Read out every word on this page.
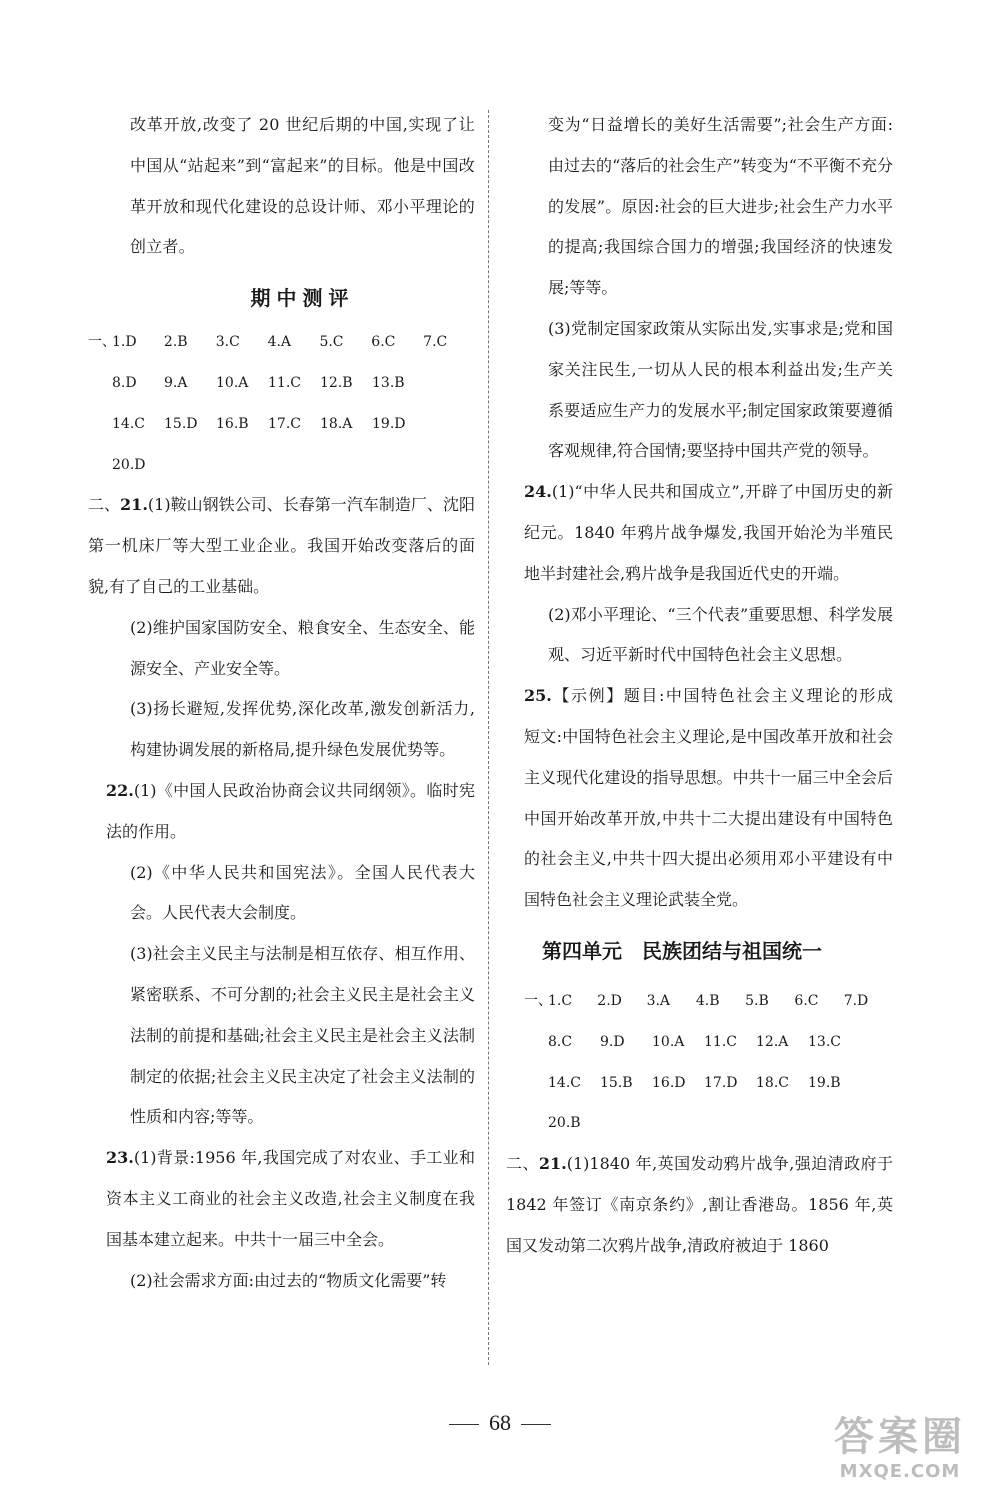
改革开放,改变了 20 世纪后期的中国,实现了让中国从“站起来”到“富起来”的目标。他是中国改革开放和现代化建设的总设计师、邓小平理论的创立者。

期中测评
一、
1.D	2.B	3.C	4.A	5.C	6.C	7.C
8.D	9.A	10.A	11.C	12.B	13.B
14.C	15.D	16.B	17.C	18.A	19.D
20.D

二、21.(1)鞍山钢铁公司、长春第一汽车制造厂、沈阳第一机床厂等大型工业企业。我国开始改变落后的面貌,有了自己的工业基础。

(2)维护国家国防安全、粮食安全、生态安全、能源安全、产业安全等。

(3)扬长避短,发挥优势,深化改革,激发创新活力,构建协调发展的新格局,提升绿色发展优势等。

22.(1)《中国人民政治协商会议共同纲领》。临时宪法的作用。

(2)《中华人民共和国宪法》。全国人民代表大会。人民代表大会制度。

(3)社会主义民主与法制是相互依存、相互作用、紧密联系、不可分割的;社会主义民主是社会主义法制的前提和基础;社会主义民主是社会主义法制制定的依据;社会主义民主决定了社会主义法制的性质和内容;等等。

23.(1)背景:1956 年,我国完成了对农业、手工业和资本主义工商业的社会主义改造,社会主义制度在我国基本建立起来。中共十一届三中全会。

(2)社会需求方面:由过去的“物质文化需要”转

变为“日益增长的美好生活需要”;社会生产方面:由过去的“落后的社会生产”转变为“不平衡不充分的发展”。原因:社会的巨大进步;社会生产力水平的提高;我国综合国力的增强;我国经济的快速发展;等等。

(3)党制定国家政策从实际出发,实事求是;党和国家关注民生,一切从人民的根本利益出发;生产关系要适应生产力的发展水平;制定国家政策要遵循客观规律,符合国情;要坚持中国共产党的领导。

24.(1)“中华人民共和国成立”,开辟了中国历史的新纪元。1840 年鸦片战争爆发,我国开始沦为半殖民地半封建社会,鸦片战争是我国近代史的开端。

(2)邓小平理论、“三个代表”重要思想、科学发展观、习近平新时代中国特色社会主义思想。

25.【示例】题目:中国特色社会主义理论的形成　短文:中国特色社会主义理论,是中国改革开放和社会主义现代化建设的指导思想。中共十一届三中全会后中国开始改革开放,中共十二大提出建设有中国特色的社会主义,中共十四大提出必须用邓小平建设有中国特色社会主义理论武装全党。

第四单元　民族团结与祖国统一
一、
1.C	2.D	3.A	4.B	5.B	6.C	7.D
8.C	9.D	10.A	11.C	12.A	13.C
14.C	15.B	16.D	17.D	18.C	19.B
20.B

二、21.(1)1840 年,英国发动鸦片战争,强迫清政府于 1842 年签订《南京条约》,割让香港岛。1856 年,英国又发动第二次鸦片战争,清政府被迫于 1860

68	答案圈
MXQE.COM
